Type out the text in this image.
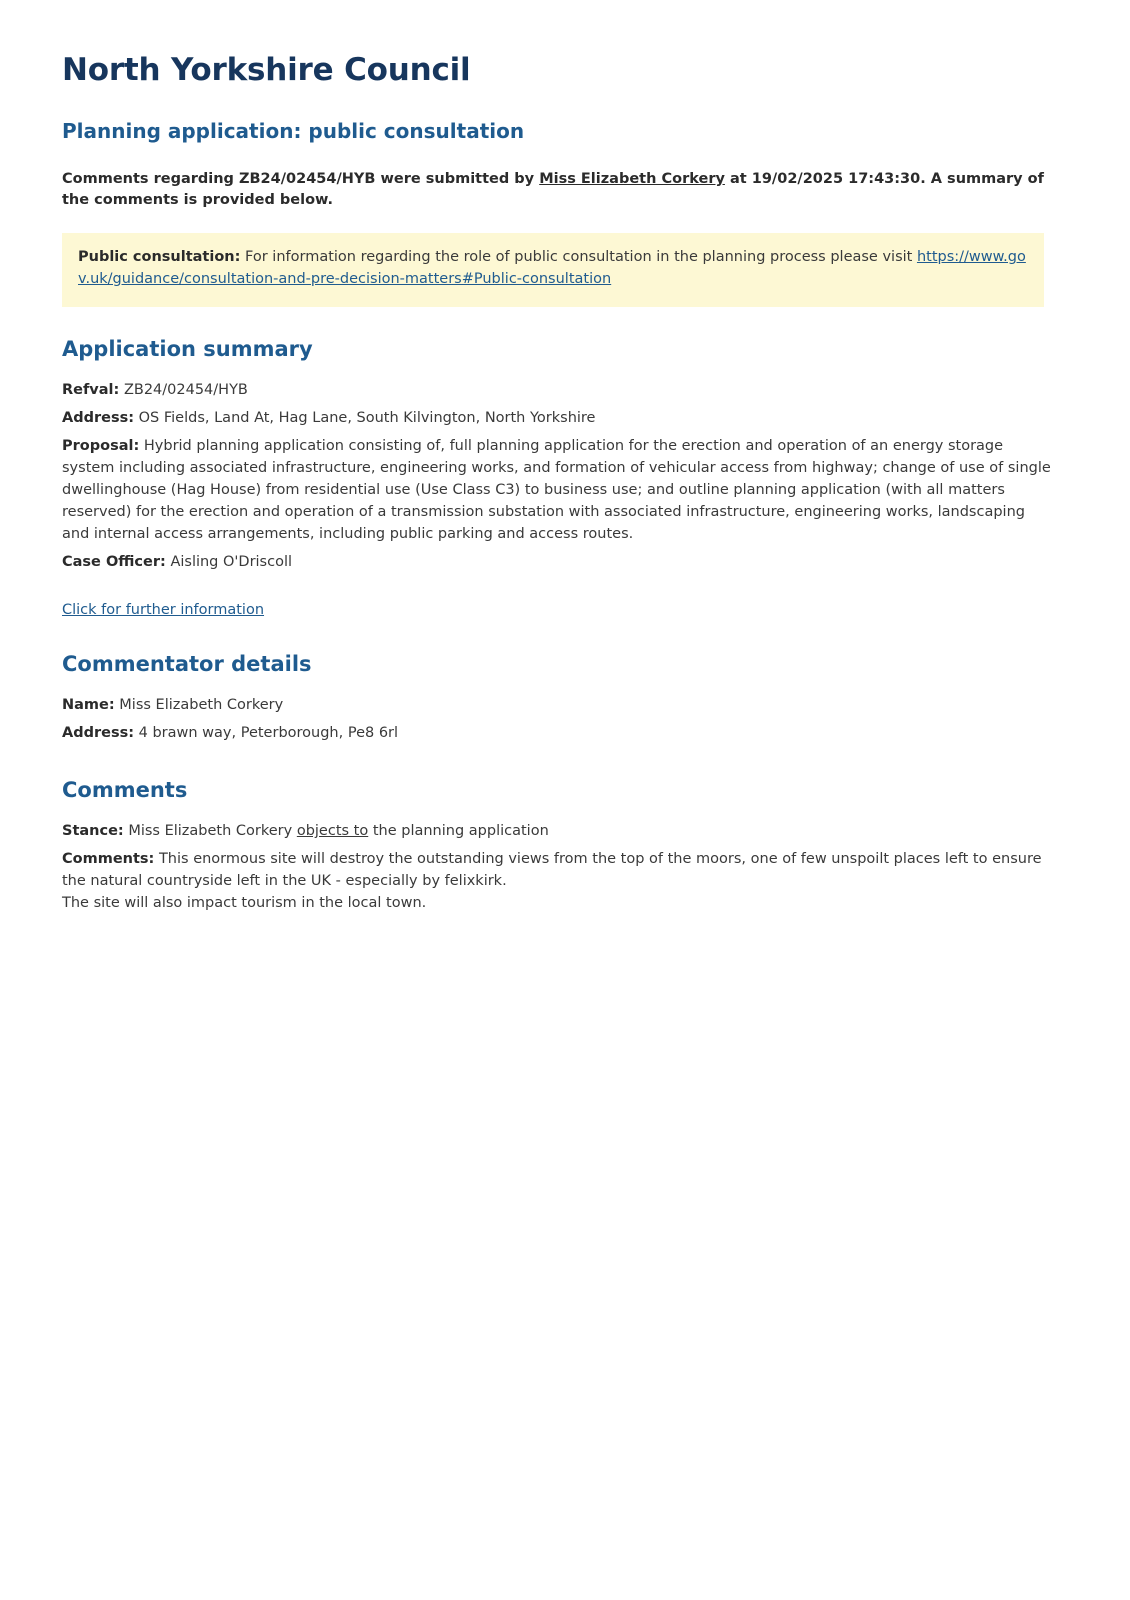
North Yorkshire Council
Planning application: public consultation

Comments regarding ZB24/02454/HYB were submitted by Miss Elizabeth Corkery at 19/02/2025 17:43:30. A summary of the comments is provided below.

Public consultation: For information regarding the role of public consultation in the planning process please visit https://www.gov.uk/guidance/consultation-and-pre-decision-matters#Public-consultation
Application summary
Refval: ZB24/02454/HYB
Address: OS Fields, Land At, Hag Lane, South Kilvington, North Yorkshire
Proposal: Hybrid planning application consisting of, full planning application for the erection and operation of an energy storage system including associated infrastructure, engineering works, and formation of vehicular access from highway; change of use of single dwellinghouse (Hag House) from residential use (Use Class C3) to business use; and outline planning application (with all matters reserved) for the erection and operation of a transmission substation with associated infrastructure, engineering works, landscaping and internal access arrangements, including public parking and access routes.
Case Officer: Aisling O'Driscoll
Click for further information
Commentator details
Name: Miss Elizabeth Corkery
Address: 4 brawn way, Peterborough, Pe8 6rl
Comments
Stance: Miss Elizabeth Corkery objects to the planning application
Comments: This enormous site will destroy the outstanding views from the top of the moors, one of few unspoilt places left to ensure the natural countryside left in the UK - especially by felixkirk.
The site will also impact tourism in the local town.
